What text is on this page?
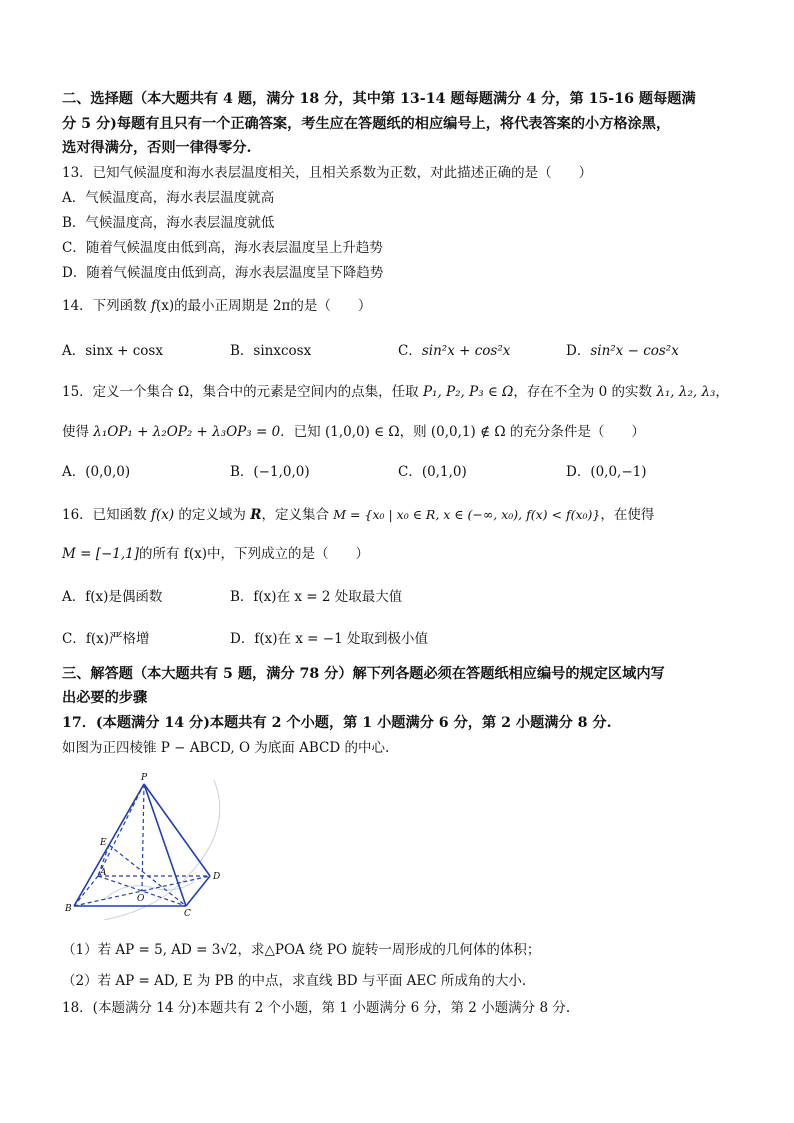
二、选择题（本大题共有 4 题，满分 18 分，其中第 13-14 题每题满分 4 分，第 15-16 题每题满
分 5 分)每题有且只有一个正确答案，考生应在答题纸的相应编号上，将代表答案的小方格涂黑，
选对得满分，否则一律得零分.
13．已知气候温度和海水表层温度相关，且相关系数为正数，对此描述正确的是（　　）
A．气候温度高，海水表层温度就高
B．气候温度高，海水表层温度就低
C．随着气候温度由低到高，海水表层温度呈上升趋势
D．随着气候温度由低到高，海水表层温度呈下降趋势
14．下列函数 f(x)的最小正周期是 2π的是（　　）
A．sinx + cosx	B．sinxcosx	C．sin²x + cos²x	D．sin²x − cos²x
15．定义一个集合 Ω，集合中的元素是空间内的点集，任取 P₁, P₂, P₃ ∈ Ω，存在不全为 0 的实数 λ₁, λ₂, λ₃，
使得 λ₁OP₁ + λ₂OP₂ + λ₃OP₃ = 0．已知 (1,0,0) ∈ Ω，则 (0,0,1) ∉ Ω 的充分条件是（　　）
A．(0,0,0)	B．(−1,0,0)	C．(0,1,0)	D．(0,0,−1)
16．已知函数 f(x) 的定义域为 R，定义集合 M = {x₀ | x₀ ∈ R, x ∈ (−∞, x₀), f(x) < f(x₀)}，在使得
M = [−1,1]的所有 f(x)中，下列成立的是（　　）
A．f(x)是偶函数	B．f(x)在 x = 2 处取最大值
C．f(x)严格增	D．f(x)在 x = −1 处取到极小值
三、解答题（本大题共有 5 题，满分 78 分）解下列各题必须在答题纸相应编号的规定区域内写
出必要的步骤
17．(本题满分 14 分)本题共有 2 个小题，第 1 小题满分 6 分，第 2 小题满分 8 分.
如图为正四棱锥 P − ABCD, O 为底面 ABCD 的中心.
P
E
A
B	C
D
O
（1）若 AP = 5, AD = 3√2，求△POA 绕 PO 旋转一周形成的几何体的体积；
（2）若 AP = AD, E 为 PB 的中点，求直线 BD 与平面 AEC 所成角的大小.
18．(本题满分 14 分)本题共有 2 个小题，第 1 小题满分 6 分，第 2 小题满分 8 分.
